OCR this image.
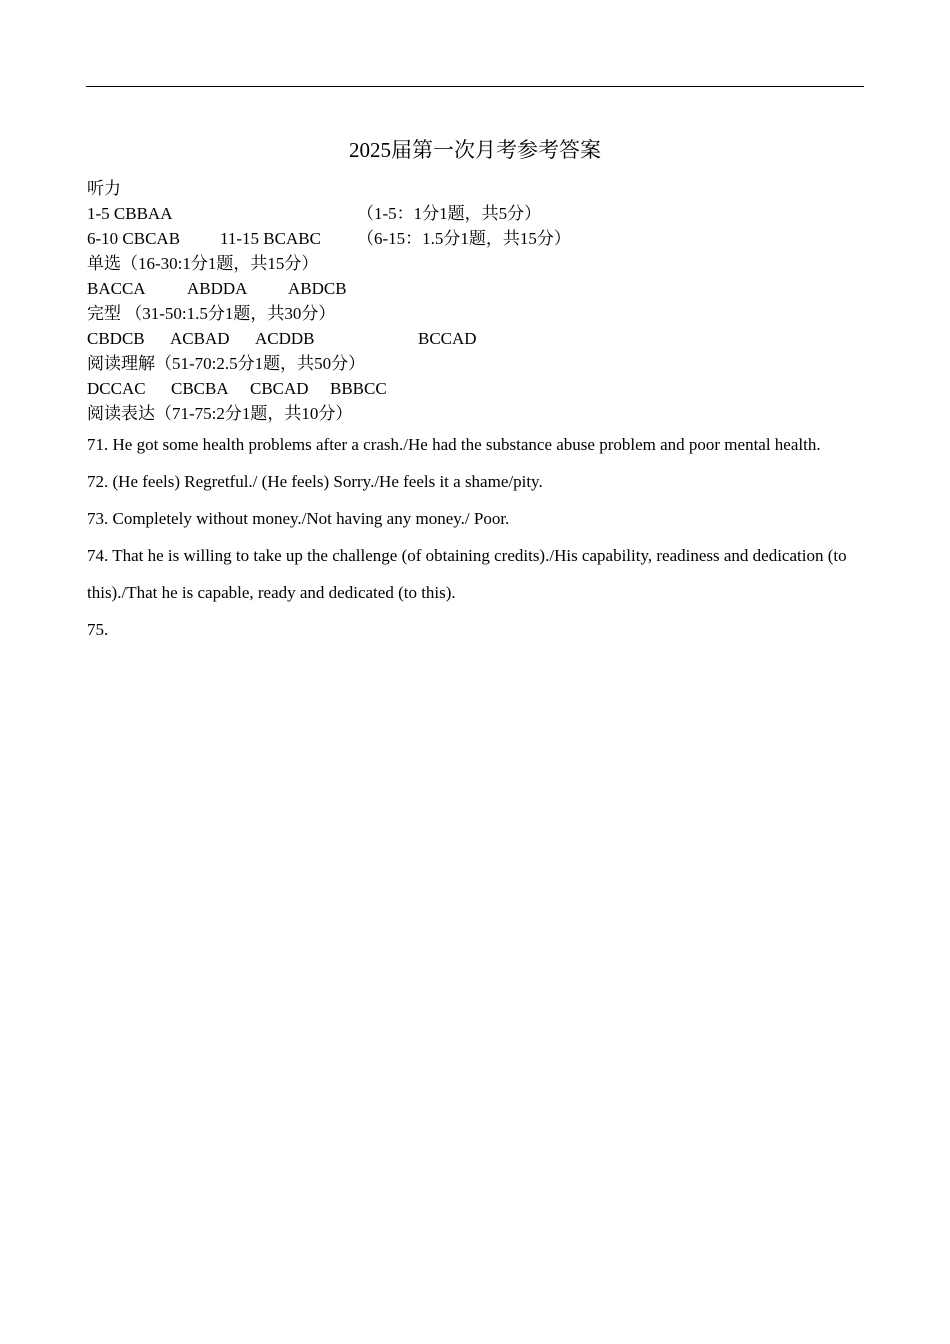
2025届第一次月考参考答案
听力
1-5 CBBAA	（1-5：1分1题，共5分）
6-10 CBCAB 11-15 BCABC （6-15：1.5分1题，共15分）
单选（16-30:1分1题，共15分）
BACCA ABDDA ABDCB
完型 （31-50:1.5分1题，共30分）
CBDCB ACBAD ACDDB	BCCAD
阅读理解（51-70:2.5分1题，共50分）
DCCAC CBCBA CBCAD BBBCC
阅读表达（71-75:2分1题，共10分）
71. He got some health problems after a crash./He had the substance abuse problem and poor mental health.
72. (He feels) Regretful./ (He feels) Sorry./He feels it a shame/pity.
73. Completely without money./Not having any money./ Poor.
74. That he is willing to take up the challenge (of obtaining credits)./His capability, readiness and dedication (to this)./That he is capable, ready and dedicated (to this).
75.
